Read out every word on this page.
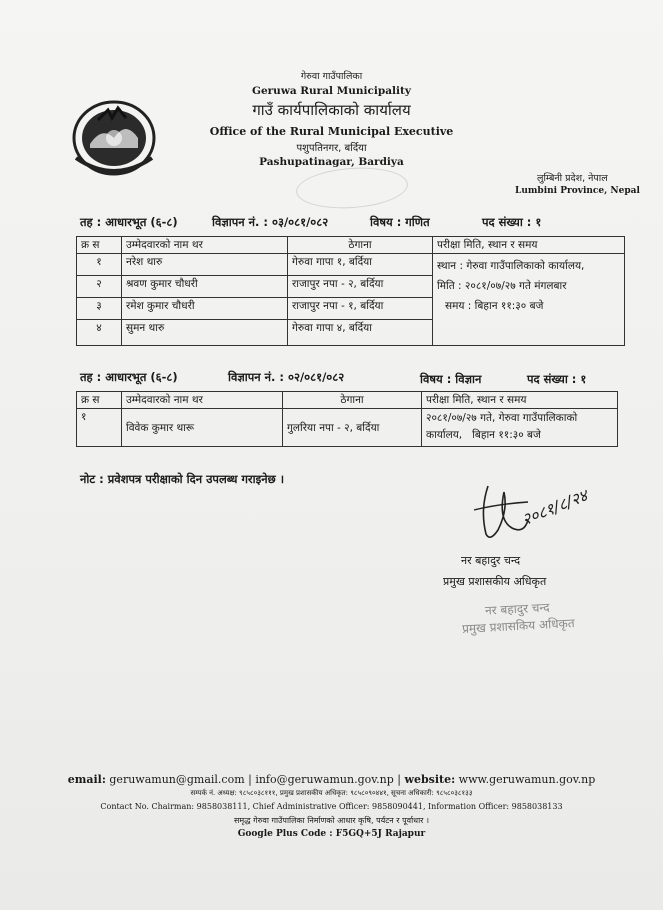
गेरुवा गाउँपालिका
Geruwa Rural Municipality
गाउँ कार्यपालिकाको कार्यालय
Office of the Rural Municipal Executive
पशुपतिनगर, बर्दिया
Pashupatinagar, Bardiya
लुम्बिनी प्रदेश, नेपाल
Lumbini Province, Nepal
तह : आधारभूत (६-८)	विज्ञापन नं. : ०३/०८१/०८२	विषय : गणित	पद संख्या : १
क्र स	उम्मेदवारको नाम थर	ठेगाना	परीक्षा मिति, स्थान र समय
१	नरेश थारु	गेरुवा गापा १, बर्दिया	स्थान : गेरुवा गाउँपालिकाको कार्यालय,
मिति : २०८१/०७/२७ गते मंगलबार
समय : बिहान ११:३० बजे

२	श्रवण कुमार चौधरी	राजापुर नपा - २, बर्दिया	
३	रमेश कुमार चौधरी	राजापुर नपा - १, बर्दिया	
४	सुमन थारु	गेरुवा गापा ४, बर्दिया	
तह : आधारभूत (६-८)	विज्ञापन नं. : ०२/०८१/०८२	विषय : विज्ञान	पद संख्या : १
क्र स	उम्मेदवारको नाम थर	ठेगाना	परीक्षा मिति, स्थान र समय
१	विवेक कुमार थारू	गुलरिया नपा - २, बर्दिया	२०८१/०७/२७ गते, गेरुवा गाउँपालिकाको
कार्यालय,   बिहान ११:३० बजे
नोट : प्रवेशपत्र परीक्षाको दिन उपलब्ध गराइनेछ ।
२०८१/८/२४
नर बहादुर चन्द
प्रमुख प्रशासकीय अधिकृत
नर बहादुर चन्द
प्रमुख प्रशासकिय अधिकृत
email: geruwamun@gmail.com | info@geruwamun.gov.np | website: www.geruwamun.gov.np
सम्पर्क नं. अध्यक्ष: ९८५८०३८१११, प्रमुख प्रशासकीय अधिकृत: ९८५८०९०४४१, सूचना अधिकारी: ९८५८०३८१३३
Contact No. Chairman: 9858038111, Chief Administrative Officer: 9858090441, Information Officer: 9858038133
समृद्ध गेरुवा गाउँपालिका निर्माणको आधार कृषि, पर्यटन र पूर्वाधार ।
Google Plus Code : F5GQ+5J Rajapur
